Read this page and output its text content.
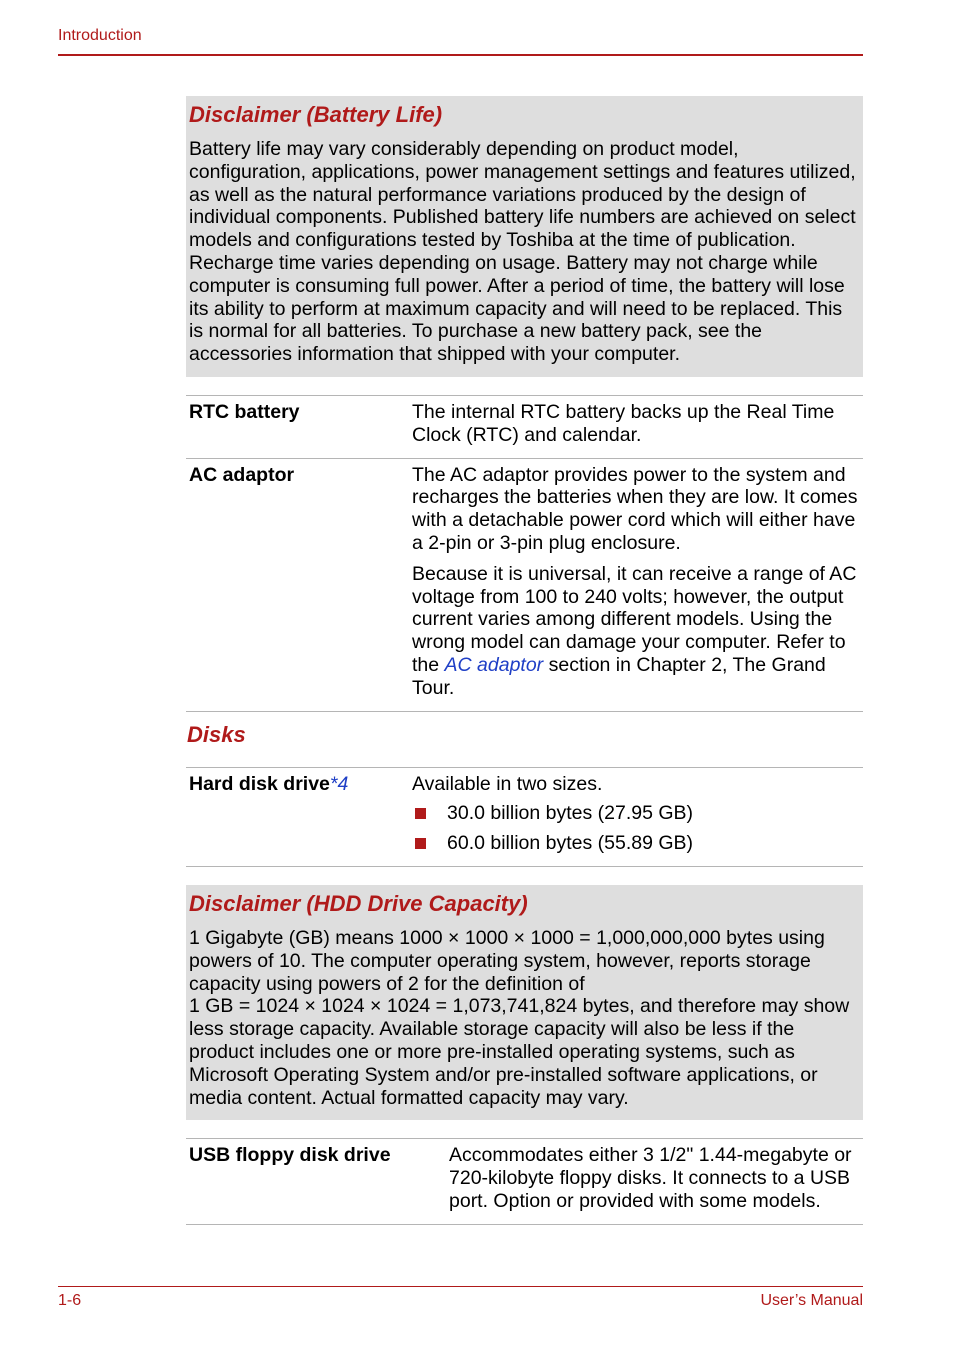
Introduction
Disclaimer (Battery Life)

Battery life may vary considerably depending on product model, configuration, applications, power management settings and features utilized, as well as the natural performance variations produced by the design of individual components. Published battery life numbers are achieved on select models and configurations tested by Toshiba at the time of publication. Recharge time varies depending on usage. Battery may not charge while computer is consuming full power. After a period of time, the battery will lose its ability to perform at maximum capacity and will need to be replaced. This is normal for all batteries. To purchase a new battery pack, see the accessories information that shipped with your computer.

RTC battery	The internal RTC battery backs up the Real Time Clock (RTC) and calendar.
AC adaptor	The AC adaptor provides power to the system and recharges the batteries when they are low. It comes with a detachable power cord which will either have a 2-pin or 3-pin plug enclosure.
Because it is universal, it can receive a range of AC voltage from 100 to 240 volts; however, the output current varies among different models. Using the wrong model can damage your computer. Refer to the AC adaptor section in Chapter 2, The Grand Tour.
Disks
Hard disk drive*4	Available in two sizes.
30.0 billion bytes (27.95 GB)
60.0 billion bytes (55.89 GB)
Disclaimer (HDD Drive Capacity)

1 Gigabyte (GB) means 1000 × 1000 × 1000 = 1,000,000,000 bytes using powers of 10. The computer operating system, however, reports storage capacity using powers of 2 for the definition of

1 GB = 1024 × 1024 × 1024 = 1,073,741,824 bytes, and therefore may show less storage capacity. Available storage capacity will also be less if the product includes one or more pre-installed operating systems, such as Microsoft Operating System and/or pre-installed software applications, or media content. Actual formatted capacity may vary.

USB floppy disk drive	Accommodates either 3 1/2" 1.44-megabyte or 720-kilobyte floppy disks. It connects to a USB port. Option or provided with some models.
1-6	User’s Manual
